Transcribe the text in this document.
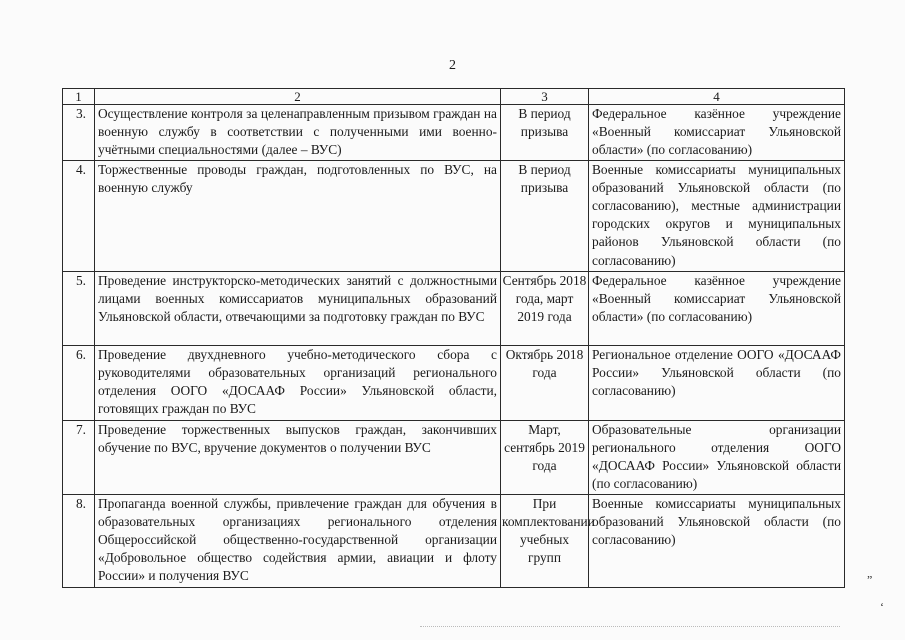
2
1	2	3	4
3.	Осуществление контроля за целенаправленным призывом граждан на военную службу в соответствии с полученными ими военно-учётными специальностями (далее – ВУС)	В период призыва	Федеральное казённое учреждение «Военный комиссариат Ульяновской области» (по согласованию)
4.	Торжественные проводы граждан, подготовленных по ВУС, на военную службу	В период призыва	Военные комиссариаты муниципальных образований Ульяновской области (по согласованию), местные администрации городских округов и муниципальных районов Ульяновской области (по согласованию)
5.	Проведение инструкторско-методических занятий с должностными лицами военных комиссариатов муниципальных образований Ульяновской области, отвечающими за подготовку граждан по ВУС	Сентябрь 2018 года, март 2019 года	Федеральное казённое учреждение «Военный комиссариат Ульяновской области» (по согласованию)
6.	Проведение двухдневного учебно-методического сбора с руководителями образовательных организаций регионального отделения ООГО «ДОСААФ России» Ульяновской области, готовящих граждан по ВУС	Октябрь 2018 года	Региональное отделение ООГО «ДОСААФ России» Ульяновской области (по согласованию)
7.	Проведение торжественных выпусков граждан, закончивших обучение по ВУС, вручение документов о получении ВУС	Март, сентябрь 2019 года	Образовательные организации регионального отделения ООГО «ДОСААФ России» Ульяновской области (по согласованию)
8.	Пропаганда военной службы, привлечение граждан для обучения в образовательных организациях регионального отделения Общероссийской общественно-государственной организации «Добровольное общество содействия армии, авиации и флоту России» и получения ВУС	При комплектовании учебных групп	Военные комиссариаты муниципальных образований Ульяновской области (по согласованию)
„
‘
